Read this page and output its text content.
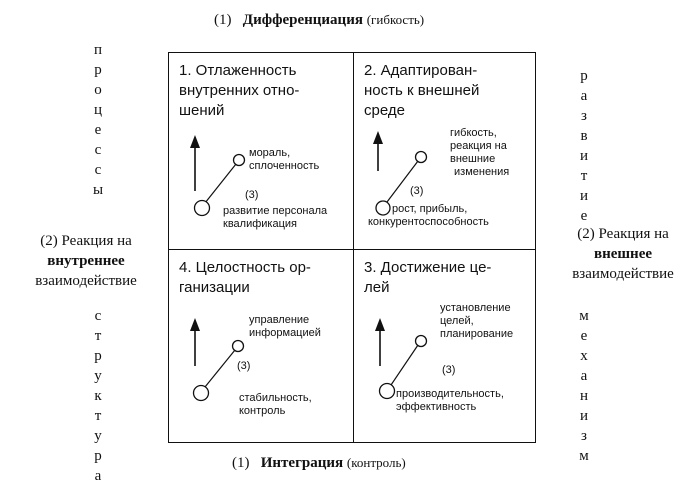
(1) Дифференциация (гибкость)
(1) Интеграция (контроль)
п
р
о
ц
е
с
с
ы
с
т
р
у
к
т
у
р
а
р
а
з
в
и
т
и
е
м
е
х
а
н
и
з
м
(2) Реакция на
внутреннее
взаимодействие
(2) Реакция на
внешнее
взаимодействие
1. Отлаженность
внутренних отно-
шений
мораль,
сплоченность
(3)
развитие персонала
квалификация
2. Адаптирован-
ность к внешней
среде
гибкость,
реакция на
внешние
изменения
(3)
рост, прибыль,
конкурентоспособность
4. Целостность ор-
ганизации
управление
информацией
(3)
стабильность,
контроль
3. Достижение це-
лей
установление
целей,
планирование
(3)
производительность,
эффективность
